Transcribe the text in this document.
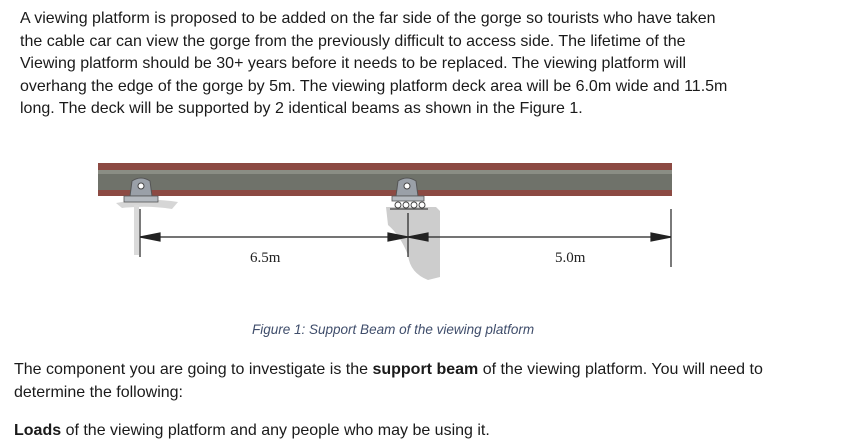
A viewing platform is proposed to be added on the far side of the gorge so tourists who have taken
the cable car can view the gorge from the previously difficult to access side. The lifetime of the
Viewing platform should be 30+ years before it needs to be replaced. The viewing platform will
overhang the edge of the gorge by 5m. The viewing platform deck area will be 6.0m wide and 11.5m
long. The deck will be supported by 2 identical beams as shown in the Figure 1.
6.5m	5.0m

Figure 1: Support Beam of the viewing platform

The component you are going to investigate is the support beam of the viewing platform. You will need to
determine the following:
Loads of the viewing platform and any people who may be using it.
